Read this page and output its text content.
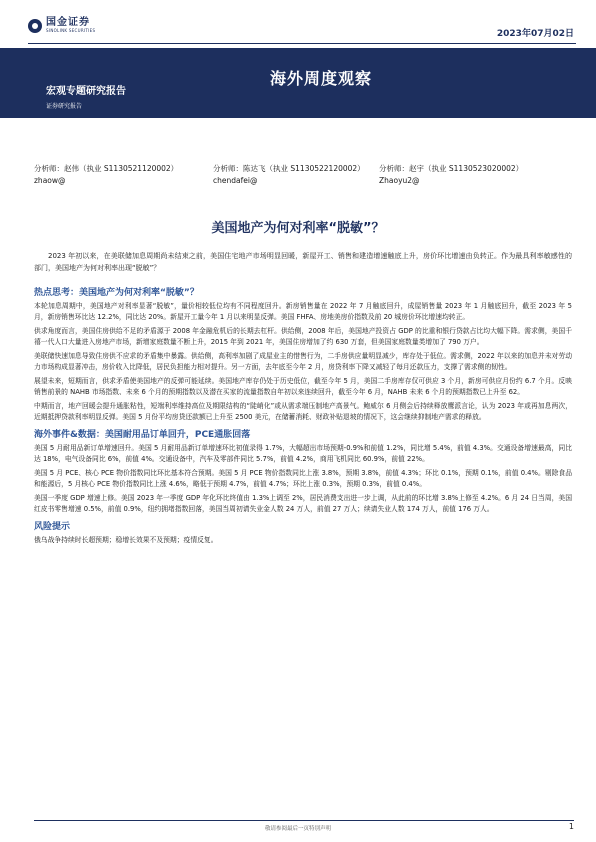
国金证券
SINOLINK SECURITIES	2023年07月02日
海外周度观察
宏观专题研究报告
证券研究报告
分析师：赵伟（执业 S1130521120002）
zhaow@
分析师：陈达飞（执业 S1130522120002）
chendafei@
分析师：赵宇（执业 S1130523020002）
Zhaoyu2@
美国地产为何对利率“脱敏”？

2023 年初以来，在美联储加息周期尚未结束之前，美国住宅地产市场明显回暖，新屋开工、销售和建造增速触底上升，房价环比增速由负转正。作为最具利率敏感性的部门，美国地产为何对利率出现“脱敏”？

热点思考：美国地产为何对利率“脱敏”？

本轮加息周期中，美国地产对利率显著“脱敏”，量价相较低位均有不同程度回升。新房销售量在 2022 年 7 月触底回升，成屋销售量 2023 年 1 月触底回升，截至 2023 年 5 月，新房销售环比达 12.2%，同比达 20%。新屋开工量今年 1 月以来明显反弹。美国 FHFA、房地美房价指数及前 20 城房价环比增速均转正。

供求角度而言，美国住房供给不足的矛盾源于 2008 年金融危机后的长期去杠杆。供给侧，2008 年后，美国地产投资占 GDP 的比重和银行贷款占比均大幅下降。需求侧，美国千禧一代人口大量进入房地产市场，新增家庭数量不断上升，2015 年到 2021 年，美国住房增加了约 630 万套，但美国家庭数量类增加了 790 万户。

美联储快速加息导致住房供不应求的矛盾集中暴露。供给侧，高利率加剧了成屋业主的惜售行为，二手房供应量明显减少，库存处于低位。需求侧，2022 年以来的加息并未对劳动力市场构成显著冲击，房价收入比降低，居民负担能力相对提升。另一方面，去年底至今年 2 月，房贷利率下降又减轻了每月还款压力，支撑了需求侧的韧性。

展望未来，短期而言，供求矛盾使美国地产的反弹可能延续。美国地产库存仍处于历史低位，截至今年 5 月，美国二手房库存仅可供应 3 个月，新房可供应月份约 6.7 个月。反映销售前景的 NAHB 市场指数、未来 6 个月的预期指数以及潜在买家的流量指数自年初以来连续回升，截至今年 6 月，NAHB 未来 6 个月的预期指数已上升至 62。

中期而言，地产回暖会提升通胀粘性，短端利率维持高位及期限结构的“陡峭化”或从需求端压制地产高景气。鲍威尔 6 月侧会后持续释放鹰派言论，认为 2023 年或再加息两次，近期抵押贷款利率明显反弹。美国 5 月份平均房贷还款额已上升至 2500 美元，在储蓄消耗、财政补贴退坡的情况下，这会继续抑制地产需求的释放。

海外事件&数据：美国耐用品订单回升，PCE通胀回落

美国 5 月耐用品新订单增速回升。美国 5 月耐用品新订单增速环比初值录得 1.7%，大幅超出市场预期-0.9%和前值 1.2%，同比增 5.4%，前值 4.3%。交通设备增速最高，同比达 18%，电气设备同比 6%，前值 4%。交通设备中，汽车及零部件同比 5.7%，前值 4.2%，商用飞机同比 60.9%，前值 22%。

美国 5 月 PCE、核心 PCE 物价指数同比环比基本符合预期。美国 5 月 PCE 物价指数同比上涨 3.8%，预期 3.8%，前值 4.3%；环比 0.1%，预期 0.1%，前值 0.4%。剔除食品和能源后，5 月核心 PCE 物价指数同比上涨 4.6%，略低于预期 4.7%，前值 4.7%；环比上涨 0.3%，预期 0.3%，前值 0.4%。

美国一季度 GDP 增速上修。美国 2023 年一季度 GDP 年化环比终值由 1.3%上调至 2%，居民消费支出进一步上调，从此前的环比增 3.8%上修至 4.2%。6 月 24 日当周，美国红皮书零售增速 0.5%，前值 0.9%，纽约拥堵指数回落，美国当周初请失业金人数 24 万人，前值 27 万人；续请失业人数 174 万人，前值 176 万人。

风险提示

俄乌战争持续时长超预期；稳增长效果不及预期；疫情反复。

敬请参阅最后一页特别声明	1
